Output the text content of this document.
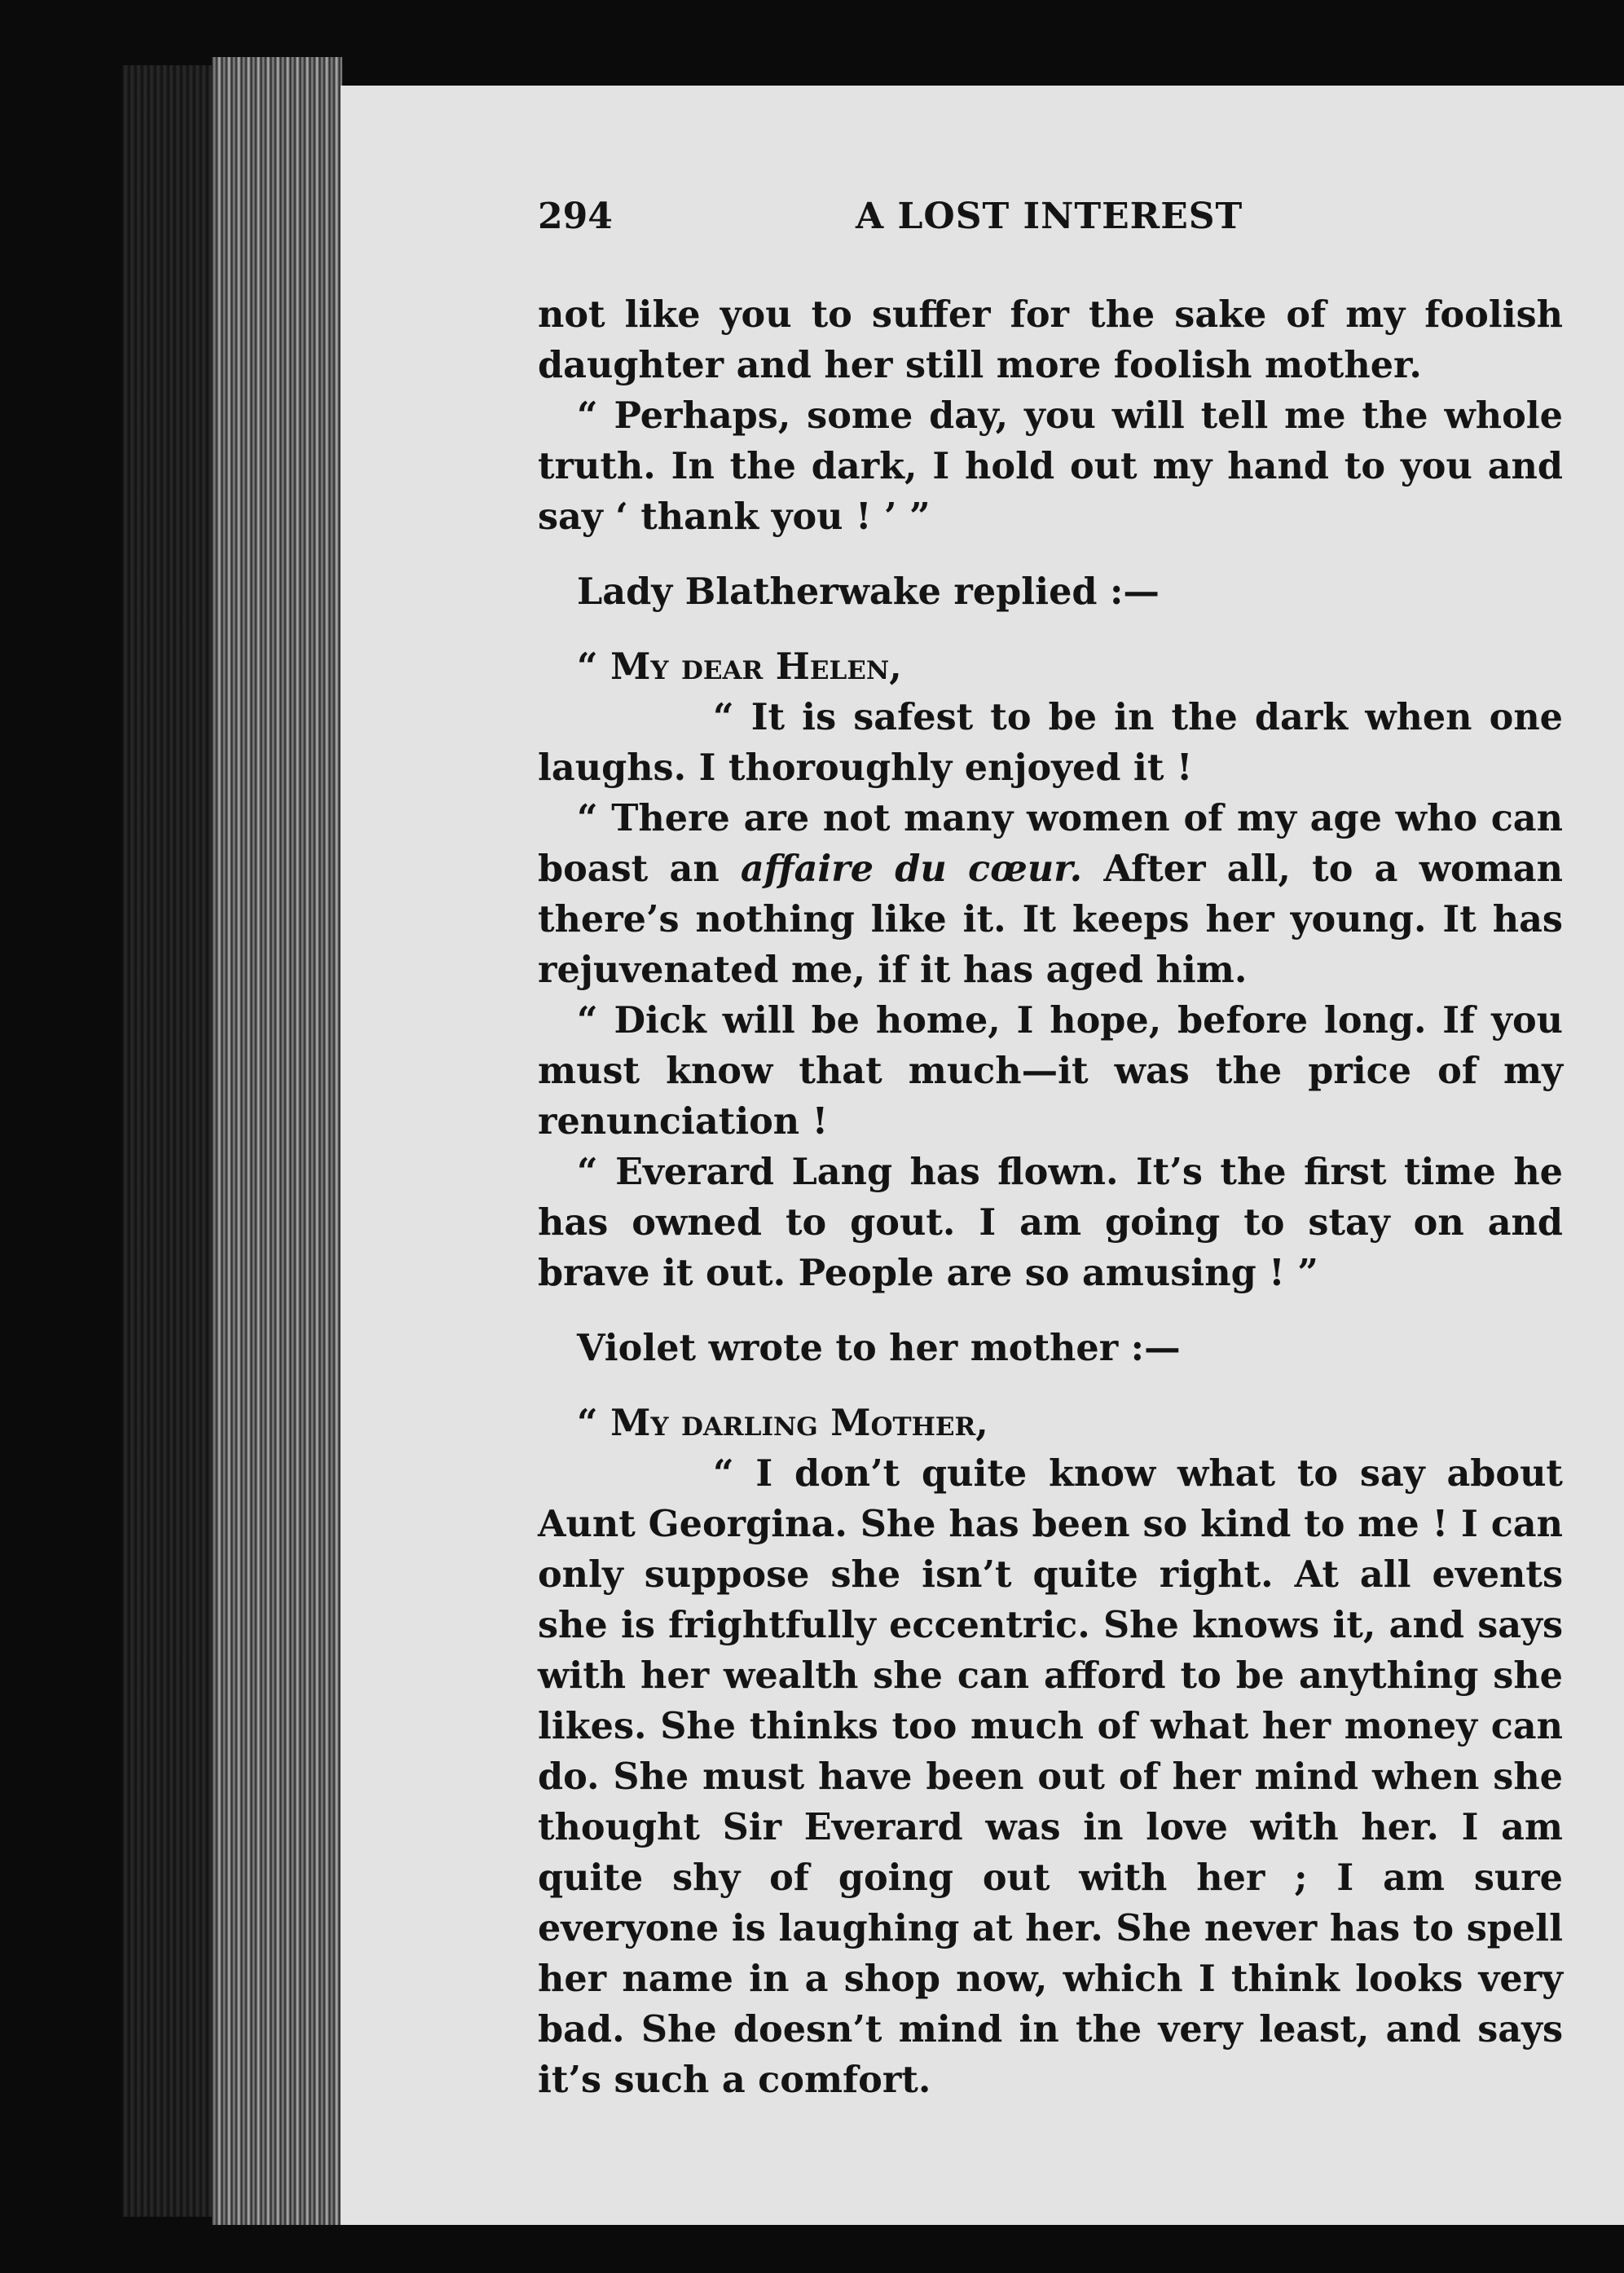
294	A LOST INTEREST

not like you to suffer for the sake of my foolish daughter and her still more foolish mother.

“ Perhaps, some day, you will tell me the whole truth. In the dark, I hold out my hand to you and say ‘ thank you ! ’ ”

Lady Blatherwake replied :—

“ My dear Helen,

“ It is safest to be in the dark when one laughs. I thoroughly enjoyed it !

“ There are not many women of my age who can boast an affaire du cœur. After all, to a woman there’s nothing like it. It keeps her young. It has rejuvenated me, if it has aged him.

“ Dick will be home, I hope, before long. If you must know that much—it was the price of my renunciation !

“ Everard Lang has flown. It’s the first time he has owned to gout. I am going to stay on and brave it out. People are so amusing ! ”

Violet wrote to her mother :—

“ My darling Mother,

“ I don’t quite know what to say about Aunt Georgina. She has been so kind to me ! I can only suppose she isn’t quite right. At all events she is frightfully eccentric. She knows it, and says with her wealth she can afford to be anything she likes. She thinks too much of what her money can do. She must have been out of her mind when she thought Sir Everard was in love with her. I am quite shy of going out with her ; I am sure everyone is laughing at her. She never has to spell her name in a shop now, which I think looks very bad. She doesn’t mind in the very least, and says it’s such a comfort.
